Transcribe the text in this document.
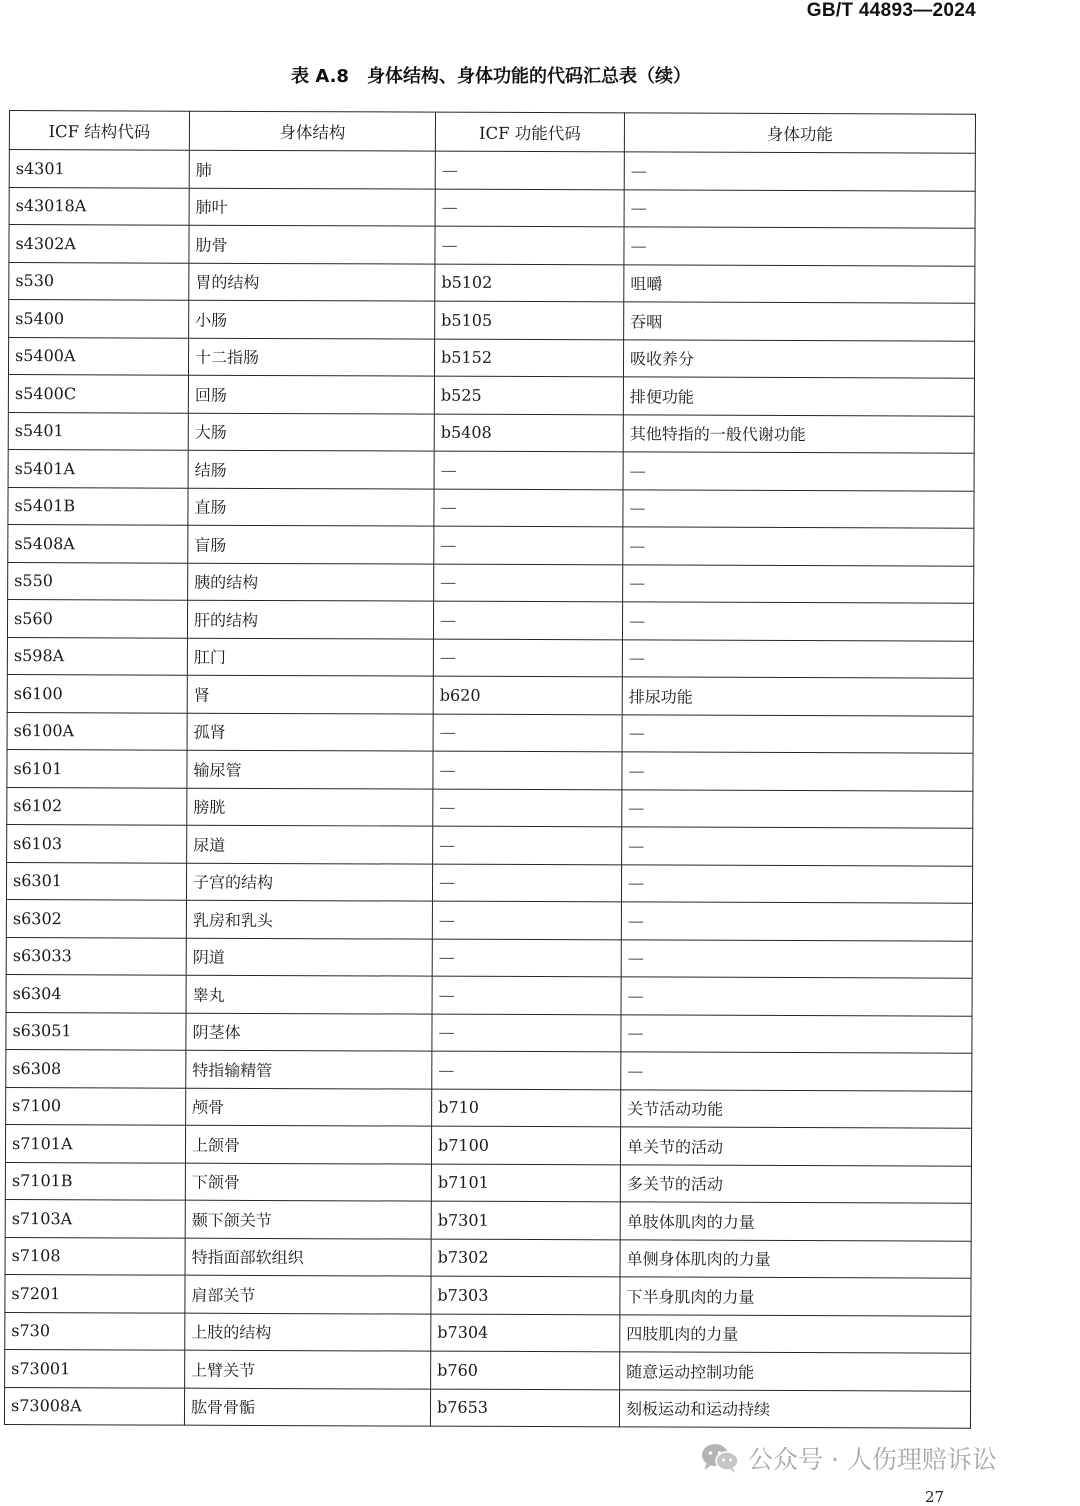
GB/T 44893—2024
表 A.8 身体结构、身体功能的代码汇总表（续）
ICF 结构代码	身体结构	ICF 功能代码	身体功能
s4301	肺	—	—
s43018A	肺叶	—	—
s4302A	肋骨	—	—
s530	胃的结构	b5102	咀嚼
s5400	小肠	b5105	吞咽
s5400A	十二指肠	b5152	吸收养分
s5400C	回肠	b525	排便功能
s5401	大肠	b5408	其他特指的一般代谢功能
s5401A	结肠	—	—
s5401B	直肠	—	—
s5408A	盲肠	—	—
s550	胰的结构	—	—
s560	肝的结构	—	—
s598A	肛门	—	—
s6100	肾	b620	排尿功能
s6100A	孤肾	—	—
s6101	输尿管	—	—
s6102	膀胱	—	—
s6103	尿道	—	—
s6301	子宫的结构	—	—
s6302	乳房和乳头	—	—
s63033	阴道	—	—
s6304	睾丸	—	—
s63051	阴茎体	—	—
s6308	特指输精管	—	—
s7100	颅骨	b710	关节活动功能
s7101A	上颌骨	b7100	单关节的活动
s7101B	下颌骨	b7101	多关节的活动
s7103A	颞下颌关节	b7301	单肢体肌肉的力量
s7108	特指面部软组织	b7302	单侧身体肌肉的力量
s7201	肩部关节	b7303	下半身肌肉的力量
s730	上肢的结构	b7304	四肢肌肉的力量
s73001	上臂关节	b760	随意运动控制功能
s73008A	肱骨骨骺	b7653	刻板运动和运动持续
公众号 · 人伤理赔诉讼
27
